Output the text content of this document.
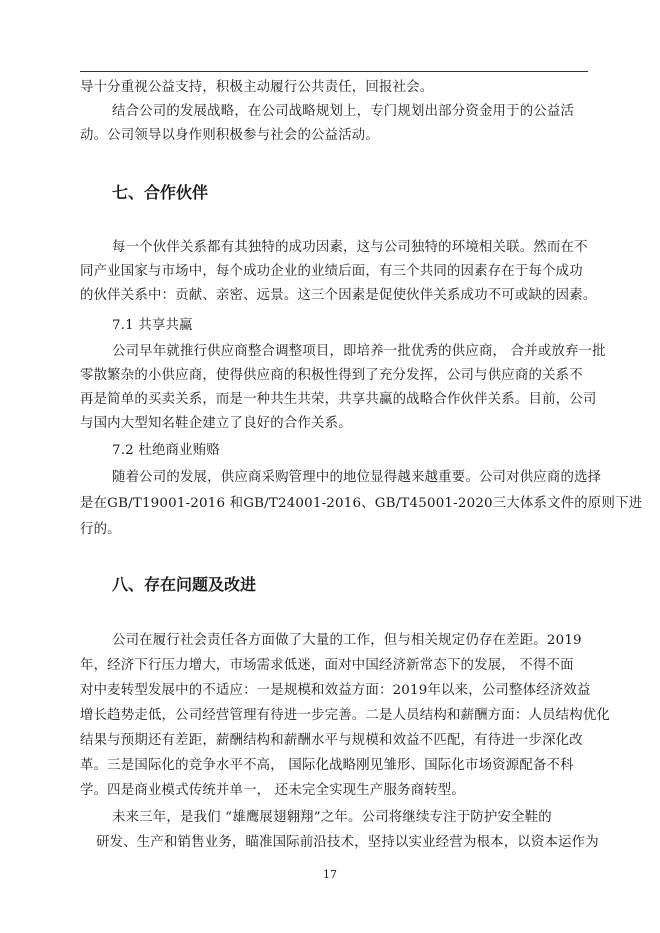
导十分重视公益支持，积极主动履行公共责任，回报社会。
结合公司的发展战略，在公司战略规划上，专门规划出部分资金用于的公益活
动。公司领导以身作则积极参与社会的公益活动。
七、合作伙伴
每一个伙伴关系都有其独特的成功因素，这与公司独特的环境相关联。然而在不
同产业国家与市场中，每个成功企业的业绩后面，有三个共同的因素存在于每个成功
的伙伴关系中：贡献、亲密、远景。这三个因素是促使伙伴关系成功不可或缺的因素。
7.1 共享共赢
公司早年就推行供应商整合调整项目，即培养一批优秀的供应商， 合并或放弃一批
零散繁杂的小供应商，使得供应商的积极性得到了充分发挥，公司与供应商的关系不
再是简单的买卖关系，而是一种共生共荣，共享共赢的战略合作伙伴关系。目前，公司
与国内大型知名鞋企建立了良好的合作关系。
7.2 杜绝商业贿赂
随着公司的发展，供应商采购管理中的地位显得越来越重要。公司对供应商的选择
是在GB/T19001-2016 和GB/T24001-2016、GB/T45001-2020三大体系文件的原则下进
行的。
八、存在问题及改进
公司在履行社会责任各方面做了大量的工作，但与相关规定仍存在差距。2019
年，经济下行压力增大，市场需求低迷，面对中国经济新常态下的发展， 不得不面
对中麦转型发展中的不适应：一是规模和效益方面：2019年以来，公司整体经济效益
增长趋势走低，公司经营管理有待进一步完善。二是人员结构和薪酬方面：人员结构优化
结果与预期还有差距，薪酬结构和薪酬水平与规模和效益不匹配，有待进一步深化改
革。三是国际化的竞争水平不高， 国际化战略刚见雏形、国际化市场资源配备不科
学。四是商业模式传统并单一， 还未完全实现生产服务商转型。
未来三年，是我们 “雄鹰展翅翱翔”之年。公司将继续专注于防护安全鞋的
研发、生产和销售业务，瞄准国际前沿技术，坚持以实业经营为根本，以资本运作为
17
